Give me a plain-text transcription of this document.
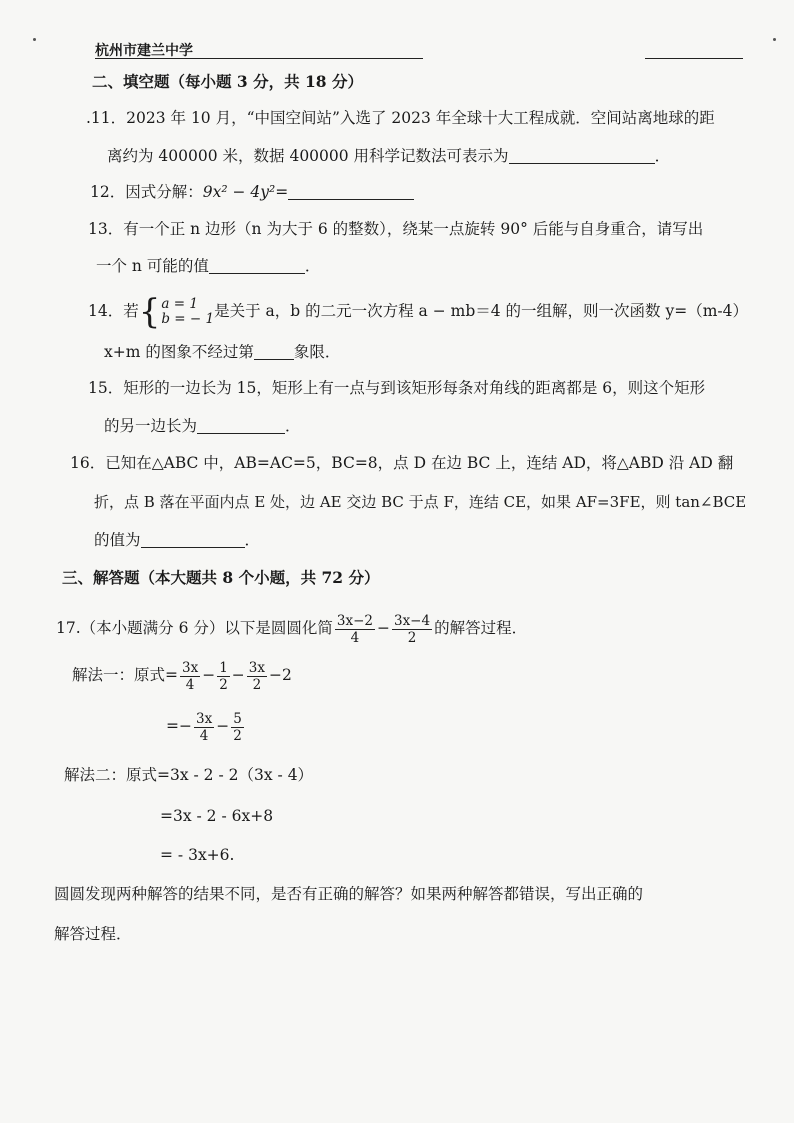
杭州市建兰中学
二、填空题（每小题 3 分，共 18 分）
.11．2023 年 10 月，“中国空间站”入选了 2023 年全球十大工程成就．空间站离地球的距
离约为 400000 米，数据 400000 用科学记数法可表示为	．
12．因式分解：9x² − 4y²=
13．有一个正 n 边形（n 为大于 6 的整数），绕某一点旋转 90° 后能与自身重合，请写出
一个 n 可能的值	．
14．若 { a = 1
b = − 1 是关于 a，b 的二元一次方程 a − mb＝4 的一组解，则一次函数 y=（m-4）
x+m 的图象不经过第	象限．
15．矩形的一边长为 15，矩形上有一点与到该矩形每条对角线的距离都是 6，则这个矩形
的另一边长为	．
16．已知在△ABC 中，AB=AC=5，BC=8，点 D 在边 BC 上，连结 AD，将△ABD 沿 AD 翻
折，点 B 落在平面内点 E 处，边 AE 交边 BC 于点 F，连结 CE，如果 AF=3FE，则 tan∠BCE
的值为	．
三、解答题（本大题共 8 个小题，共 72 分）
17.（本小题满分 6 分）以下是圆圆化简 $\frac{3x-2}{4} - \frac{3x-4}{2}$ 的解答过程．
解法一：原式= $\frac{3x}{4} - \frac{1}{2} - \frac{3x}{2} -2$
=− $\frac{3x}{4} - \frac{5}{2}$
解法二：原式=3x - 2 - 2（3x - 4）
=3x - 2 - 6x+8
= - 3x+6.
圆圆发现两种解答的结果不同，是否有正确的解答？如果两种解答都错误，写出正确的
解答过程．
